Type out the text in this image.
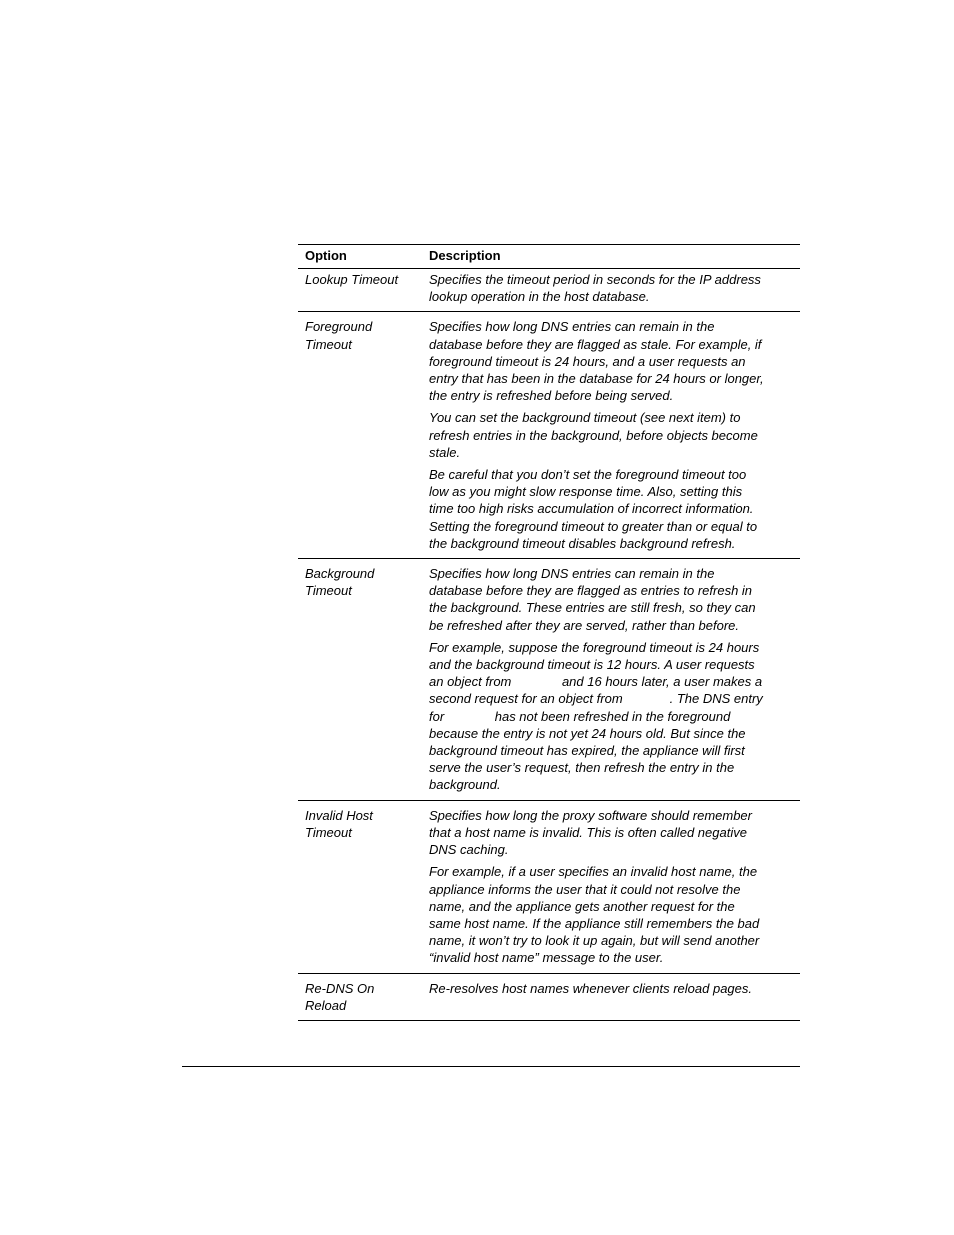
Option	Description
Lookup Timeout	Specifies the timeout period in seconds for the IP address
lookup operation in the host database.

Foreground
Timeout

Specifies how long DNS entries can remain in the
database before they are flagged as stale. For example, if
foreground timeout is 24 hours, and a user requests an
entry that has been in the database for 24 hours or longer,
the entry is refreshed before being served.

You can set the background timeout (see next item) to
refresh entries in the background, before objects become
stale.

Be careful that you don’t set the foreground timeout too
low as you might slow response time. Also, setting this
time too high risks accumulation of incorrect information.
Setting the foreground timeout to greater than or equal to
the background timeout disables background refresh.

Background
Timeout

Specifies how long DNS entries can remain in the
database before they are flagged as entries to refresh in
the background. These entries are still fresh, so they can
be refreshed after they are served, rather than before.

For example, suppose the foreground timeout is 24 hours
and the background timeout is 12 hours. A user requests
an object from              and 16 hours later, a user makes a
second request for an object from             . The DNS entry
for              has not been refreshed in the foreground
because the entry is not yet 24 hours old. But since the
background timeout has expired, the appliance will first
serve the user’s request, then refresh the entry in the
background.

Invalid Host
Timeout

Specifies how long the proxy software should remember
that a host name is invalid. This is often called negative
DNS caching.

For example, if a user specifies an invalid host name, the
appliance informs the user that it could not resolve the
name, and the appliance gets another request for the
same host name. If the appliance still remembers the bad
name, it won’t try to look it up again, but will send another
“invalid host name” message to the user.

Re-DNS On
Reload

Re-resolves host names whenever clients reload pages.
